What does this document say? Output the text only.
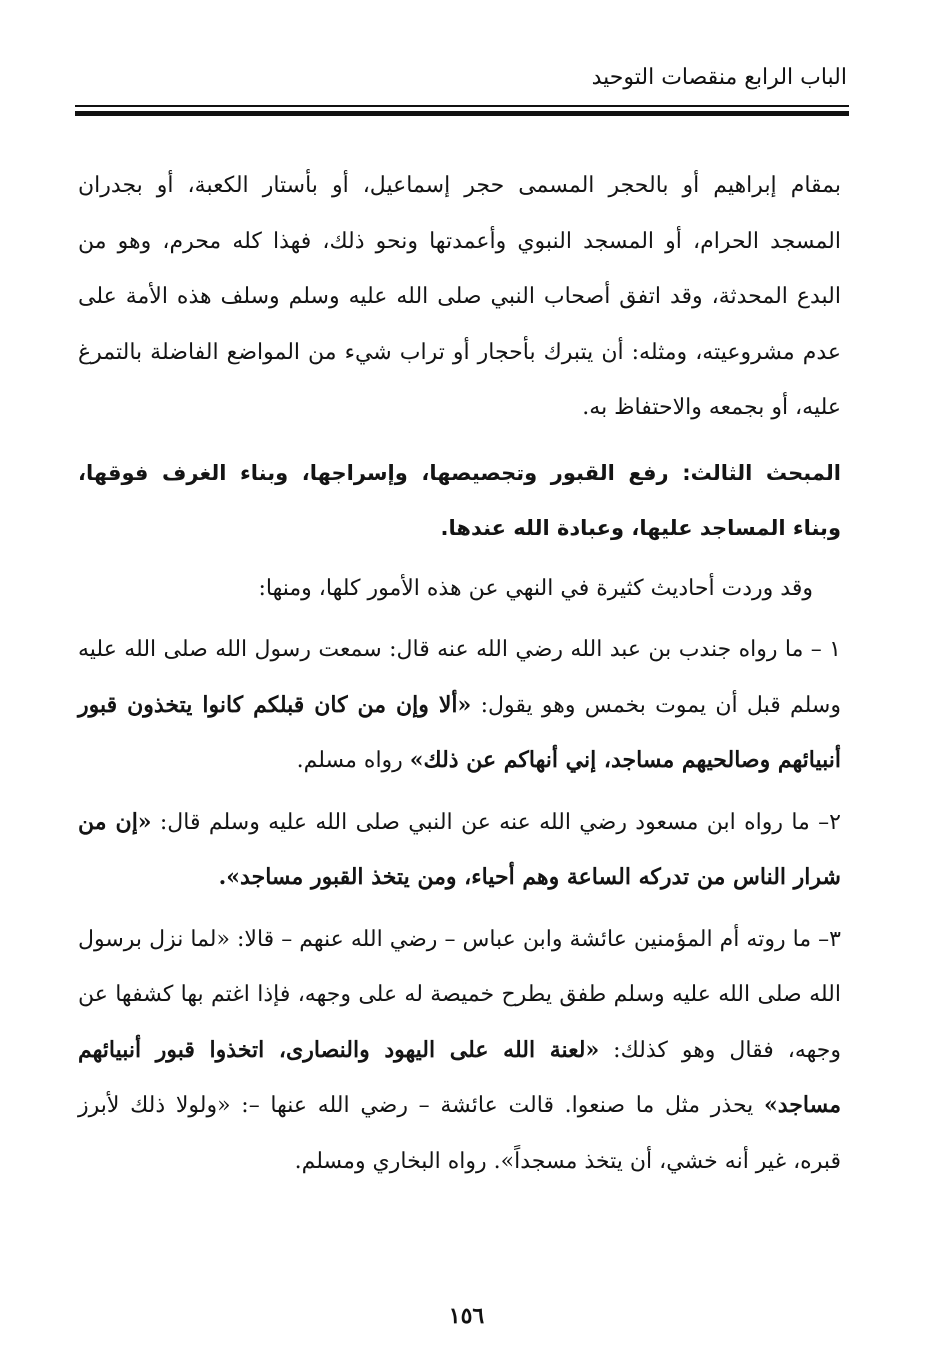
الباب الرابع منقصات التوحيد

بمقام إبراهيم أو بالحجر المسمى حجر إسماعيل، أو بأستار الكعبة، أو بجدران المسجد الحرام، أو المسجد النبوي وأعمدتها ونحو ذلك، فهذا كله محرم، وهو من البدع المحدثة، وقد اتفق أصحاب النبي صلى الله عليه وسلم وسلف هذه الأمة على عدم مشروعيته، ومثله: أن يتبرك بأحجار أو تراب شيء من المواضع الفاضلة بالتمرغ عليه، أو بجمعه والاحتفاظ به.

المبحث الثالث: رفع القبور وتجصيصها، وإسراجها، وبناء الغرف فوقها، وبناء المساجد عليها، وعبادة الله عندها.

وقد وردت أحاديث كثيرة في النهي عن هذه الأمور كلها، ومنها:

١ – ما رواه جندب بن عبد الله رضي الله عنه قال: سمعت رسول الله صلى الله عليه وسلم قبل أن يموت بخمس وهو يقول: «ألا وإن من كان قبلكم كانوا يتخذون قبور أنبيائهم وصالحيهم مساجد، إني أنهاكم عن ذلك» رواه مسلم.

٢– ما رواه ابن مسعود رضي الله عنه عن النبي صلى الله عليه وسلم قال: «إن من شرار الناس من تدركه الساعة وهم أحياء، ومن يتخذ القبور مساجد».

٣– ما روته أم المؤمنين عائشة وابن عباس – رضي الله عنهم – قالا: «لما نزل برسول الله صلى الله عليه وسلم طفق يطرح خميصة له على وجهه، فإذا اغتم بها كشفها عن وجهه، فقال وهو كذلك: «لعنة الله على اليهود والنصارى، اتخذوا قبور أنبيائهم مساجد» يحذر مثل ما صنعوا. قالت عائشة – رضي الله عنها –: «ولولا ذلك لأبرز قبره، غير أنه خشي، أن يتخذ مسجداً». رواه البخاري ومسلم.

١٥٦
